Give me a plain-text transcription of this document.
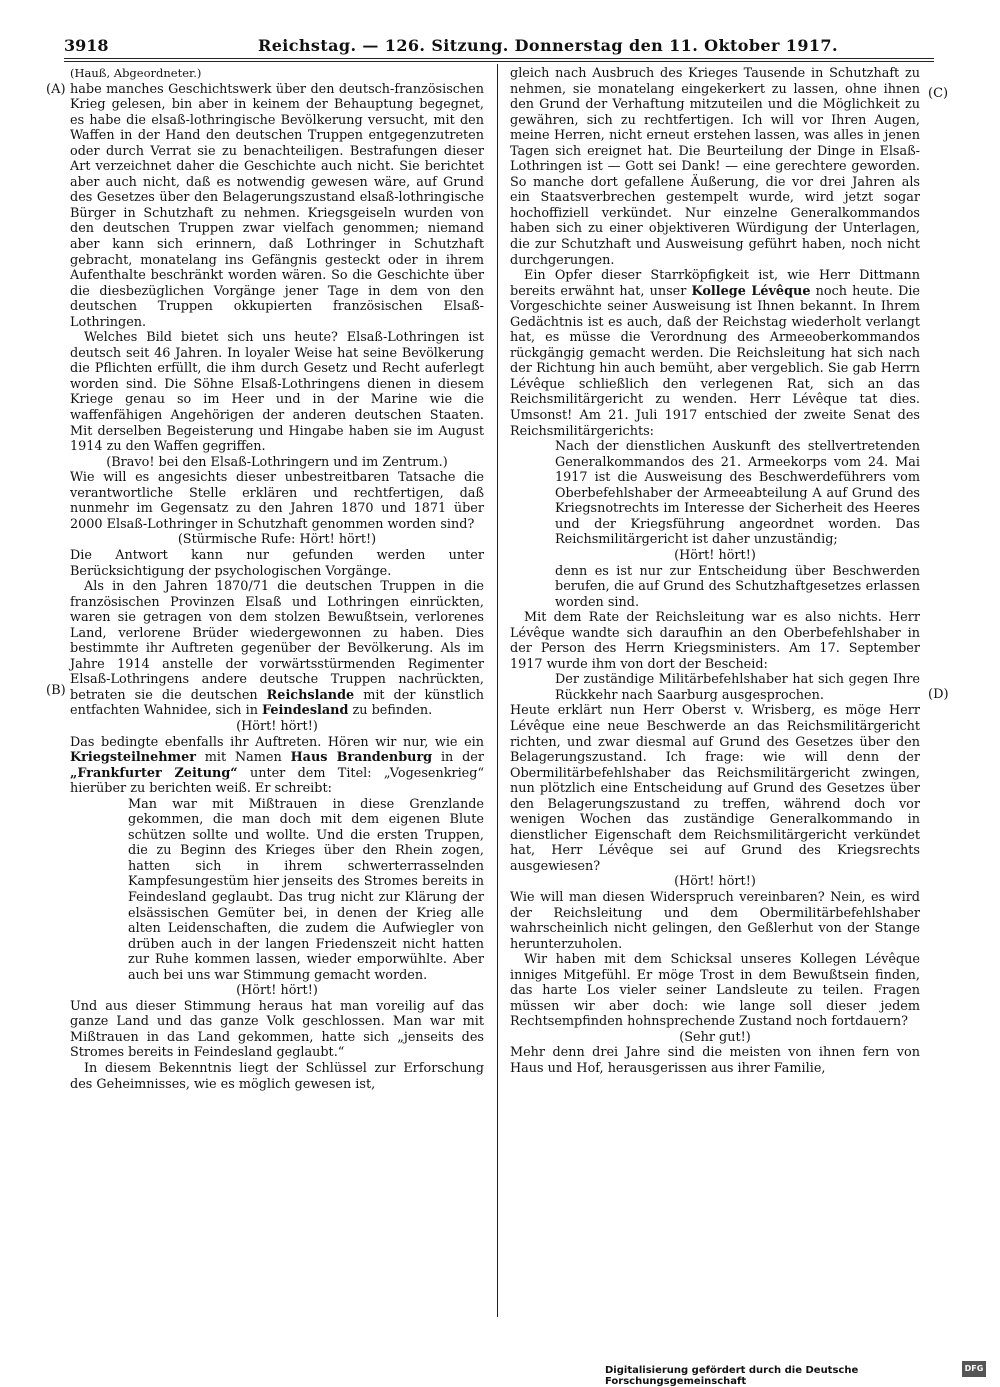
3918	Reichstag. — 126. Sitzung. Donnerstag den 11. Oktober 1917.
(A)
(B)
(C)
(D)

(Hauß, Abgeordneter.)

habe manches Geschichtswerk über den deutsch-französischen Krieg gelesen, bin aber in keinem der Behauptung begegnet, es habe die elsaß-lothringische Bevölkerung versucht, mit den Waffen in der Hand den deutschen Truppen entgegenzutreten oder durch Verrat sie zu benachteiligen. Bestrafungen dieser Art verzeichnet daher die Geschichte auch nicht. Sie berichtet aber auch nicht, daß es notwendig gewesen wäre, auf Grund des Gesetzes über den Belagerungszustand elsaß-lothringische Bürger in Schutzhaft zu nehmen. Kriegsgeiseln wurden von den deutschen Truppen zwar vielfach genommen; niemand aber kann sich erinnern, daß Lothringer in Schutzhaft gebracht, monatelang ins Gefängnis gesteckt oder in ihrem Aufenthalte beschränkt worden wären. So die Geschichte über die diesbezüglichen Vorgänge jener Tage in dem von den deutschen Truppen okkupierten französischen Elsaß-Lothringen.

Welches Bild bietet sich uns heute? Elsaß-Lothringen ist deutsch seit 46 Jahren. In loyaler Weise hat seine Bevölkerung die Pflichten erfüllt, die ihm durch Gesetz und Recht auferlegt worden sind. Die Söhne Elsaß-Lothringens dienen in diesem Kriege genau so im Heer und in der Marine wie die waffenfähigen Angehörigen der anderen deutschen Staaten. Mit derselben Begeisterung und Hingabe haben sie im August 1914 zu den Waffen gegriffen.

(Bravo! bei den Elsaß-Lothringern und im Zentrum.)

Wie will es angesichts dieser unbestreitbaren Tatsache die verantwortliche Stelle erklären und rechtfertigen, daß nunmehr im Gegensatz zu den Jahren 1870 und 1871 über 2000 Elsaß-Lothringer in Schutzhaft genommen worden sind?

(Stürmische Rufe: Hört! hört!)

Die Antwort kann nur gefunden werden unter Berücksichtigung der psychologischen Vorgänge.

Als in den Jahren 1870/71 die deutschen Truppen in die französischen Provinzen Elsaß und Lothringen einrückten, waren sie getragen von dem stolzen Bewußtsein, verlorenes Land, verlorene Brüder wiedergewonnen zu haben. Dies bestimmte ihr Auftreten gegenüber der Bevölkerung. Als im Jahre 1914 anstelle der vorwärtsstürmenden Regimenter Elsaß-Lothringens andere deutsche Truppen nachrückten, betraten sie die deutschen Reichslande mit der künstlich entfachten Wahnidee, sich in Feindesland zu befinden.

(Hört! hört!)

Das bedingte ebenfalls ihr Auftreten. Hören wir nur, wie ein Kriegsteilnehmer mit Namen Haus Brandenburg in der „Frankfurter Zeitung“ unter dem Titel: „Vogesenkrieg“ hierüber zu berichten weiß. Er schreibt:

Man war mit Mißtrauen in diese Grenzlande gekommen, die man doch mit dem eigenen Blute schützen sollte und wollte. Und die ersten Truppen, die zu Beginn des Krieges über den Rhein zogen, hatten sich in ihrem schwerterrasselnden Kampfesungestüm hier jenseits des Stromes bereits in Feindesland geglaubt. Das trug nicht zur Klärung der elsässischen Gemüter bei, in denen der Krieg alle alten Leidenschaften, die zudem die Aufwiegler von drüben auch in der langen Friedenszeit nicht hatten zur Ruhe kommen lassen, wieder emporwühlte. Aber auch bei uns war Stimmung gemacht worden.

(Hört! hört!)

Und aus dieser Stimmung heraus hat man voreilig auf das ganze Land und das ganze Volk geschlossen. Man war mit Mißtrauen in das Land gekommen, hatte sich „jenseits des Stromes bereits in Feindesland geglaubt.“

In diesem Bekenntnis liegt der Schlüssel zur Erforschung des Geheimnisses, wie es möglich gewesen ist,

gleich nach Ausbruch des Krieges Tausende in Schutzhaft zu nehmen, sie monatelang eingekerkert zu lassen, ohne ihnen den Grund der Verhaftung mitzuteilen und die Möglichkeit zu gewähren, sich zu rechtfertigen. Ich will vor Ihren Augen, meine Herren, nicht erneut erstehen lassen, was alles in jenen Tagen sich ereignet hat. Die Beurteilung der Dinge in Elsaß-Lothringen ist — Gott sei Dank! — eine gerechtere geworden. So manche dort gefallene Äußerung, die vor drei Jahren als ein Staatsverbrechen gestempelt wurde, wird jetzt sogar hochoffiziell verkündet. Nur einzelne Generalkommandos haben sich zu einer objektiveren Würdigung der Unterlagen, die zur Schutzhaft und Ausweisung geführt haben, noch nicht durchgerungen.

Ein Opfer dieser Starrköpfigkeit ist, wie Herr Dittmann bereits erwähnt hat, unser Kollege Lévêque noch heute. Die Vorgeschichte seiner Ausweisung ist Ihnen bekannt. In Ihrem Gedächtnis ist es auch, daß der Reichstag wiederholt verlangt hat, es müsse die Verordnung des Armeeoberkommandos rückgängig gemacht werden. Die Reichsleitung hat sich nach der Richtung hin auch bemüht, aber vergeblich. Sie gab Herrn Lévêque schließlich den verlegenen Rat, sich an das Reichsmilitärgericht zu wenden. Herr Lévêque tat dies. Umsonst! Am 21. Juli 1917 entschied der zweite Senat des Reichsmilitärgerichts:

Nach der dienstlichen Auskunft des stellvertretenden Generalkommandos des 21. Armeekorps vom 24. Mai 1917 ist die Ausweisung des Beschwerdeführers vom Oberbefehlshaber der Armeeabteilung A auf Grund des Kriegsnotrechts im Interesse der Sicherheit des Heeres und der Kriegsführung angeordnet worden. Das Reichsmilitärgericht ist daher unzuständig;

(Hört! hört!)

denn es ist nur zur Entscheidung über Beschwerden berufen, die auf Grund des Schutzhaftgesetzes erlassen worden sind.

Mit dem Rate der Reichsleitung war es also nichts. Herr Lévêque wandte sich daraufhin an den Oberbefehlshaber in der Person des Herrn Kriegsministers. Am 17. September 1917 wurde ihm von dort der Bescheid:

Der zuständige Militärbefehlshaber hat sich gegen Ihre Rückkehr nach Saarburg ausgesprochen.

Heute erklärt nun Herr Oberst v. Wrisberg, es möge Herr Lévêque eine neue Beschwerde an das Reichsmilitärgericht richten, und zwar diesmal auf Grund des Gesetzes über den Belagerungszustand. Ich frage: wie will denn der Obermilitärbefehlshaber das Reichsmilitärgericht zwingen, nun plötzlich eine Entscheidung auf Grund des Gesetzes über den Belagerungszustand zu treffen, während doch vor wenigen Wochen das zuständige Generalkommando in dienstlicher Eigenschaft dem Reichsmilitärgericht verkündet hat, Herr Lévêque sei auf Grund des Kriegsrechts ausgewiesen?

(Hört! hört!)

Wie will man diesen Widerspruch vereinbaren? Nein, es wird der Reichsleitung und dem Obermilitärbefehlshaber wahrscheinlich nicht gelingen, den Geßlerhut von der Stange herunterzuholen.

Wir haben mit dem Schicksal unseres Kollegen Lévêque inniges Mitgefühl. Er möge Trost in dem Bewußtsein finden, das harte Los vieler seiner Landsleute zu teilen. Fragen müssen wir aber doch: wie lange soll dieser jedem Rechtsempfinden hohnsprechende Zustand noch fortdauern?

(Sehr gut!)

Mehr denn drei Jahre sind die meisten von ihnen fern von Haus und Hof, herausgerissen aus ihrer Familie,

Digitalisierung gefördert durch die Deutsche Forschungsgemeinschaft
DFG
